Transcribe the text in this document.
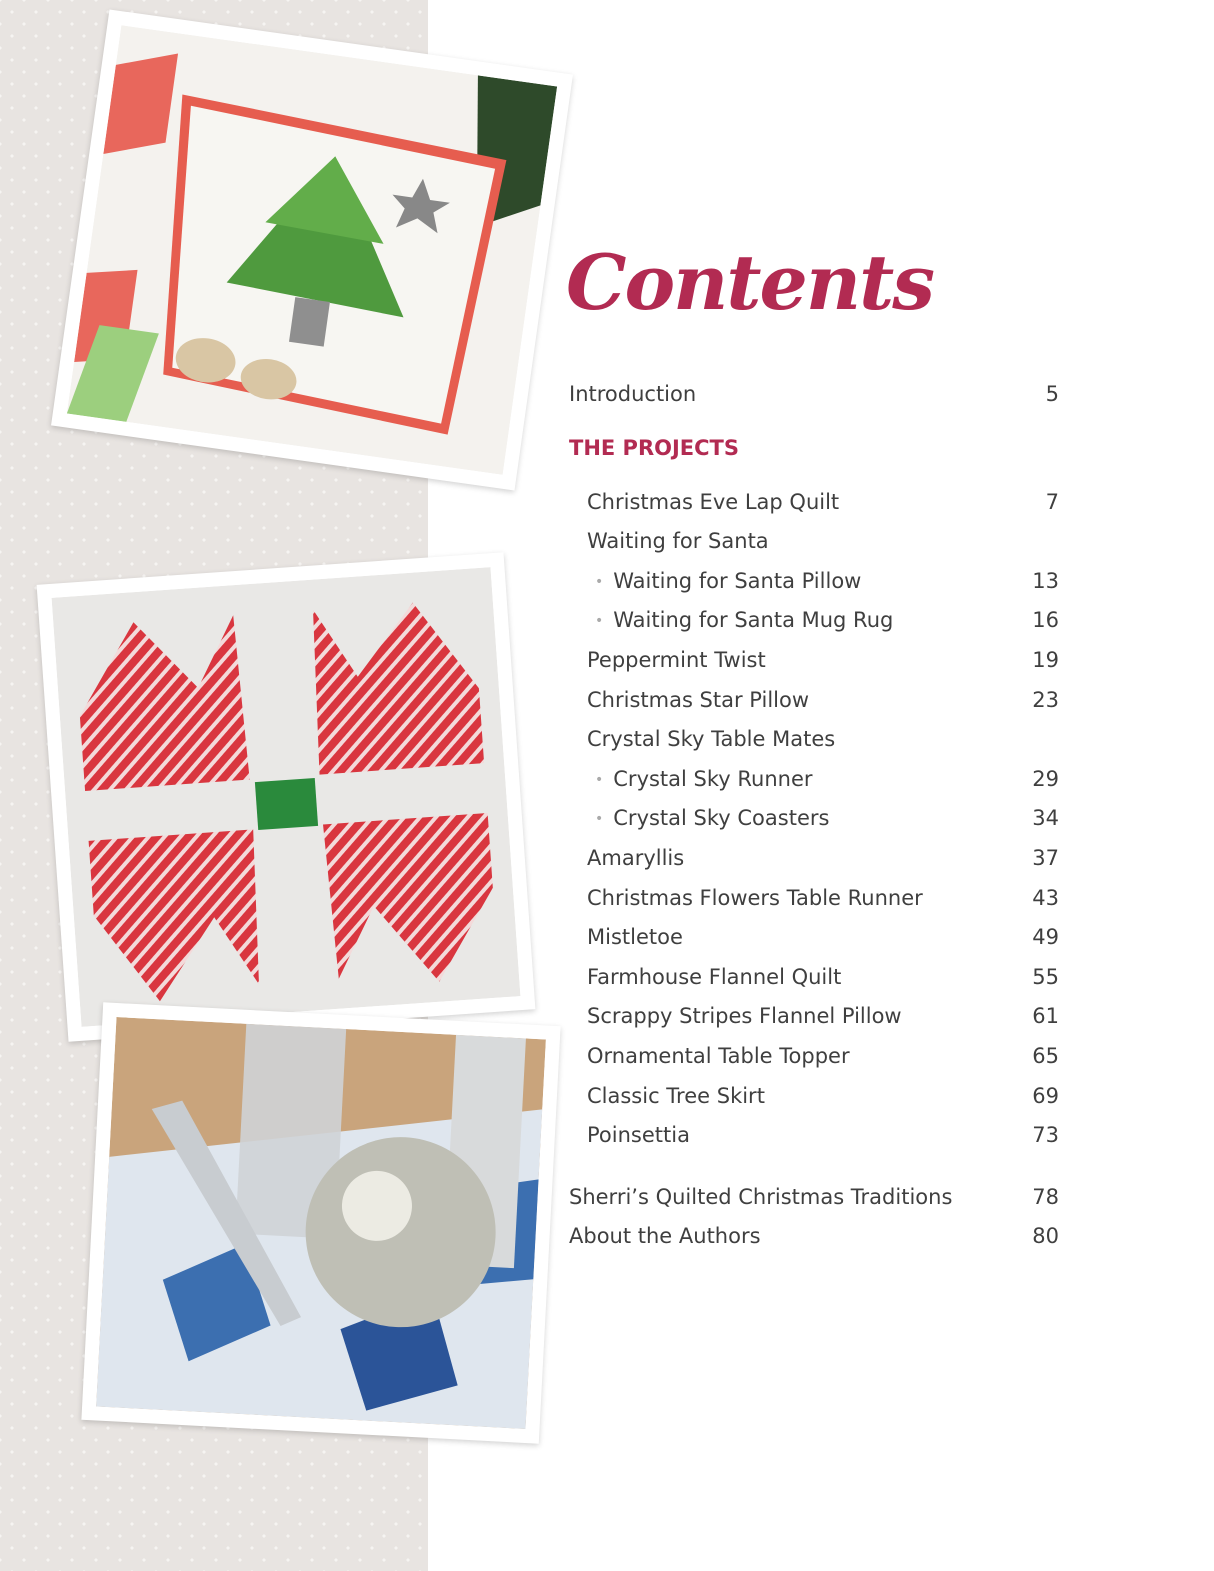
Contents
Introduction	5
THE PROJECTS
Christmas Eve Lap Quilt	7
Waiting for Santa
• Waiting for Santa Pillow	13
• Waiting for Santa Mug Rug	16
Peppermint Twist	19
Christmas Star Pillow	23
Crystal Sky Table Mates
• Crystal Sky Runner	29
• Crystal Sky Coasters	34
Amaryllis	37
Christmas Flowers Table Runner	43
Mistletoe	49
Farmhouse Flannel Quilt	55
Scrappy Stripes Flannel Pillow	61
Ornamental Table Topper	65
Classic Tree Skirt	69
Poinsettia	73
Sherri’s Quilted Christmas Traditions	78
About the Authors	80
